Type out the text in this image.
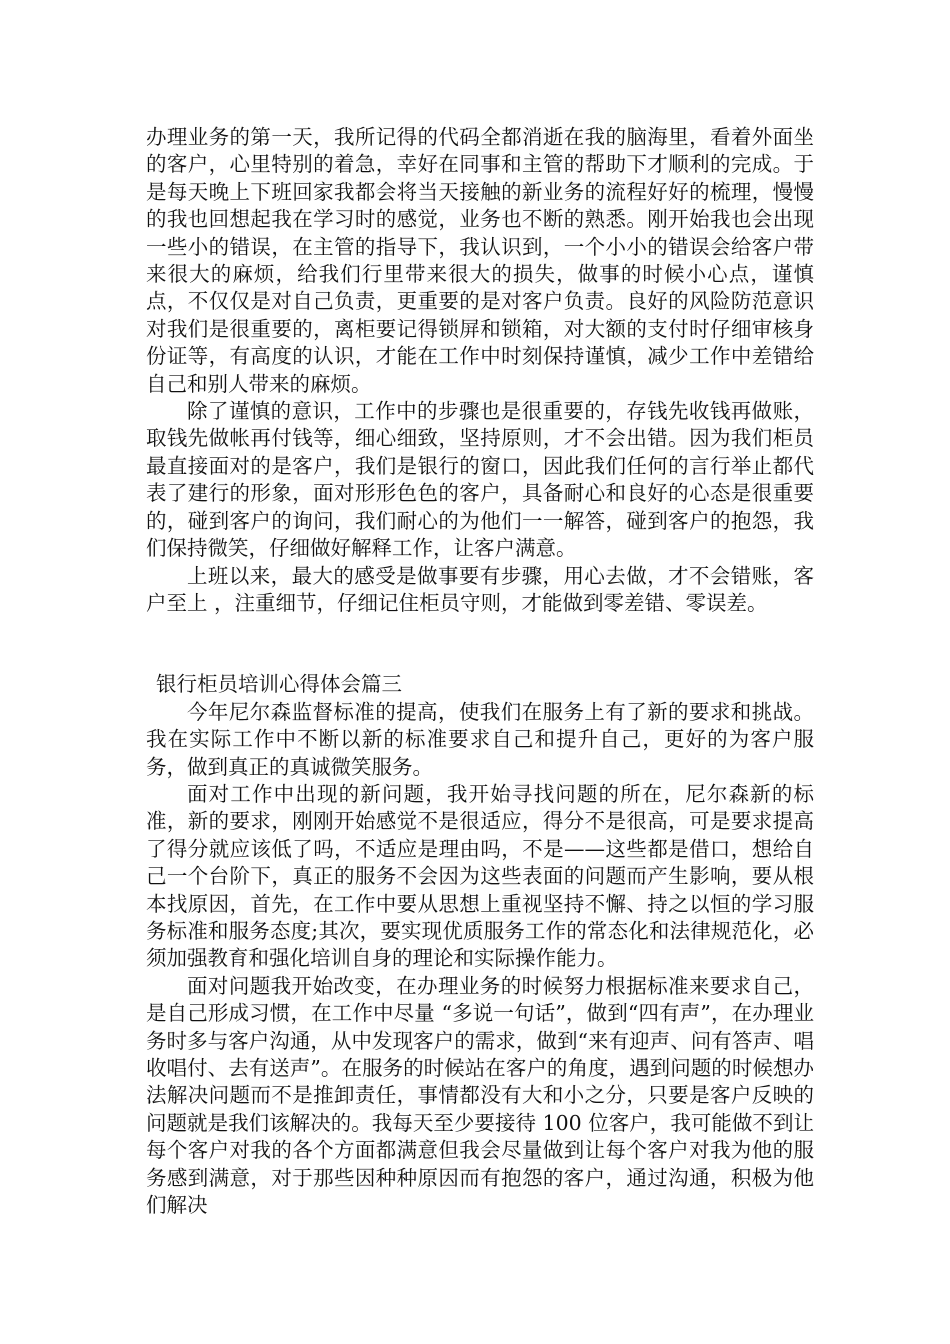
办理业务的第一天，我所记得的代码全都消逝在我的脑海里，看着外面坐的客户，心里特别的着急，幸好在同事和主管的帮助下才顺利的完成。于是每天晚上下班回家我都会将当天接触的新业务的流程好好的梳理，慢慢的我也回想起我在学习时的感觉，业务也不断的熟悉。刚开始我也会出现一些小的错误，在主管的指导下，我认识到，一个小小的错误会给客户带来很大的麻烦，给我们行里带来很大的损失，做事的时候小心点，谨慎点，不仅仅是对自己负责，更重要的是对客户负责。良好的风险防范意识对我们是很重要的，离柜要记得锁屏和锁箱，对大额的支付时仔细审核身份证等，有高度的认识，才能在工作中时刻保持谨慎，减少工作中差错给自己和别人带来的麻烦。

除了谨慎的意识，工作中的步骤也是很重要的，存钱先收钱再做账，取钱先做帐再付钱等，细心细致，坚持原则，才不会出错。因为我们柜员最直接面对的是客户，我们是银行的窗口，因此我们任何的言行举止都代表了建行的形象，面对形形色色的客户，具备耐心和良好的心态是很重要的，碰到客户的询问，我们耐心的为他们一一解答，碰到客户的抱怨，我们保持微笑，仔细做好解释工作，让客户满意。

上班以来，最大的感受是做事要有步骤，用心去做，才不会错账，客户至上 ，注重细节，仔细记住柜员守则，才能做到零差错、零误差。

银行柜员培训心得体会篇三

今年尼尔森监督标准的提高，使我们在服务上有了新的要求和挑战。我在实际工作中不断以新的标准要求自己和提升自己，更好的为客户服务，做到真正的真诚微笑服务。

面对工作中出现的新问题，我开始寻找问题的所在，尼尔森新的标准，新的要求，刚刚开始感觉不是很适应，得分不是很高，可是要求提高了得分就应该低了吗，不适应是理由吗，不是——这些都是借口，想给自己一个台阶下，真正的服务不会因为这些表面的问题而产生影响，要从根本找原因，首先，在工作中要从思想上重视坚持不懈、持之以恒的学习服务标准和服务态度;其次，要实现优质服务工作的常态化和法律规范化，必须加强教育和强化培训自身的理论和实际操作能力。

面对问题我开始改变，在办理业务的时候努力根据标准来要求自己，是自己形成习惯，在工作中尽量 “多说一句话”，做到“四有声”，在办理业务时多与客户沟通，从中发现客户的需求，做到“来有迎声、问有答声、唱收唱付、去有送声”。在服务的时候站在客户的角度，遇到问题的时候想办法解决问题而不是推卸责任，事情都没有大和小之分，只要是客户反映的问题就是我们该解决的。我每天至少要接待 100 位客户，我可能做不到让每个客户对我的各个方面都满意但我会尽量做到让每个客户对我为他的服务感到满意，对于那些因种种原因而有抱怨的客户，通过沟通，积极为他们解决
